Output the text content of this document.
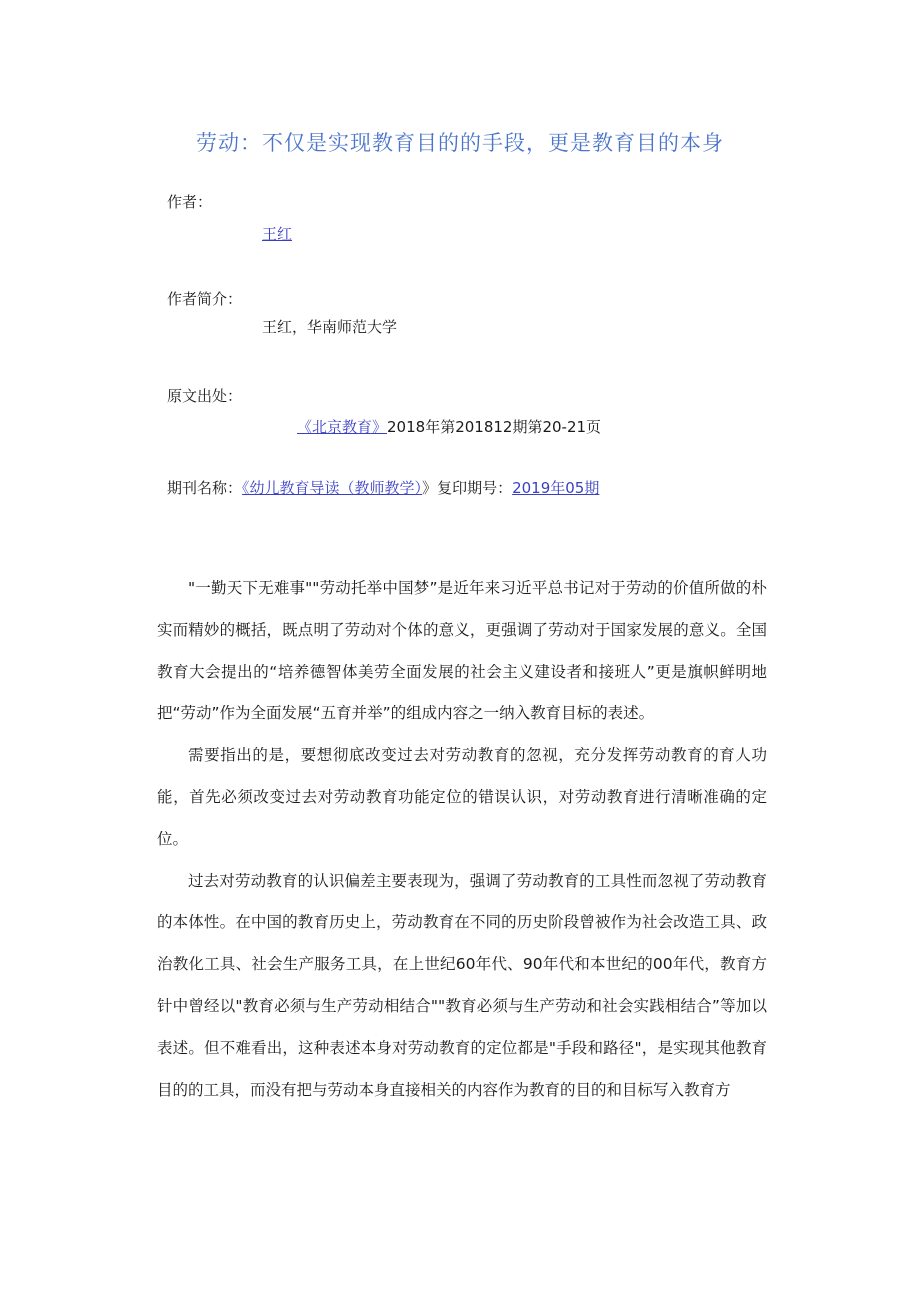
劳动：不仅是实现教育目的的手段，更是教育目的本身
作者：
王红
作者简介：
王红，华南师范大学
原文出处：
《北京教育》2018年第201812期第20-21页
期刊名称：《幼儿教育导读（教师教学）》复印期号：2019年05期

"一勤天下无难事""劳动托举中国梦”是近年来习近平总书记对于劳动的价值所做的朴实而精妙的概括，既点明了劳动对个体的意义，更强调了劳动对于国家发展的意义。全国教育大会提出的“培养德智体美劳全面发展的社会主义建设者和接班人”更是旗帜鲜明地把“劳动”作为全面发展“五育并举”的组成内容之一纳入教育目标的表述。

需要指出的是，要想彻底改变过去对劳动教育的忽视，充分发挥劳动教育的育人功能，首先必须改变过去对劳动教育功能定位的错误认识，对劳动教育进行清晰准确的定位。

过去对劳动教育的认识偏差主要表现为，强调了劳动教育的工具性而忽视了劳动教育的本体性。在中国的教育历史上，劳动教育在不同的历史阶段曾被作为社会改造工具、政治教化工具、社会生产服务工具，在上世纪60年代、90年代和本世纪的00年代，教育方针中曾经以"教育必须与生产劳动相结合""教育必须与生产劳动和社会实践相结合”等加以表述。但不难看出，这种表述本身对劳动教育的定位都是"手段和路径"，是实现其他教育目的的工具，而没有把与劳动本身直接相关的内容作为教育的目的和目标写入教育方
